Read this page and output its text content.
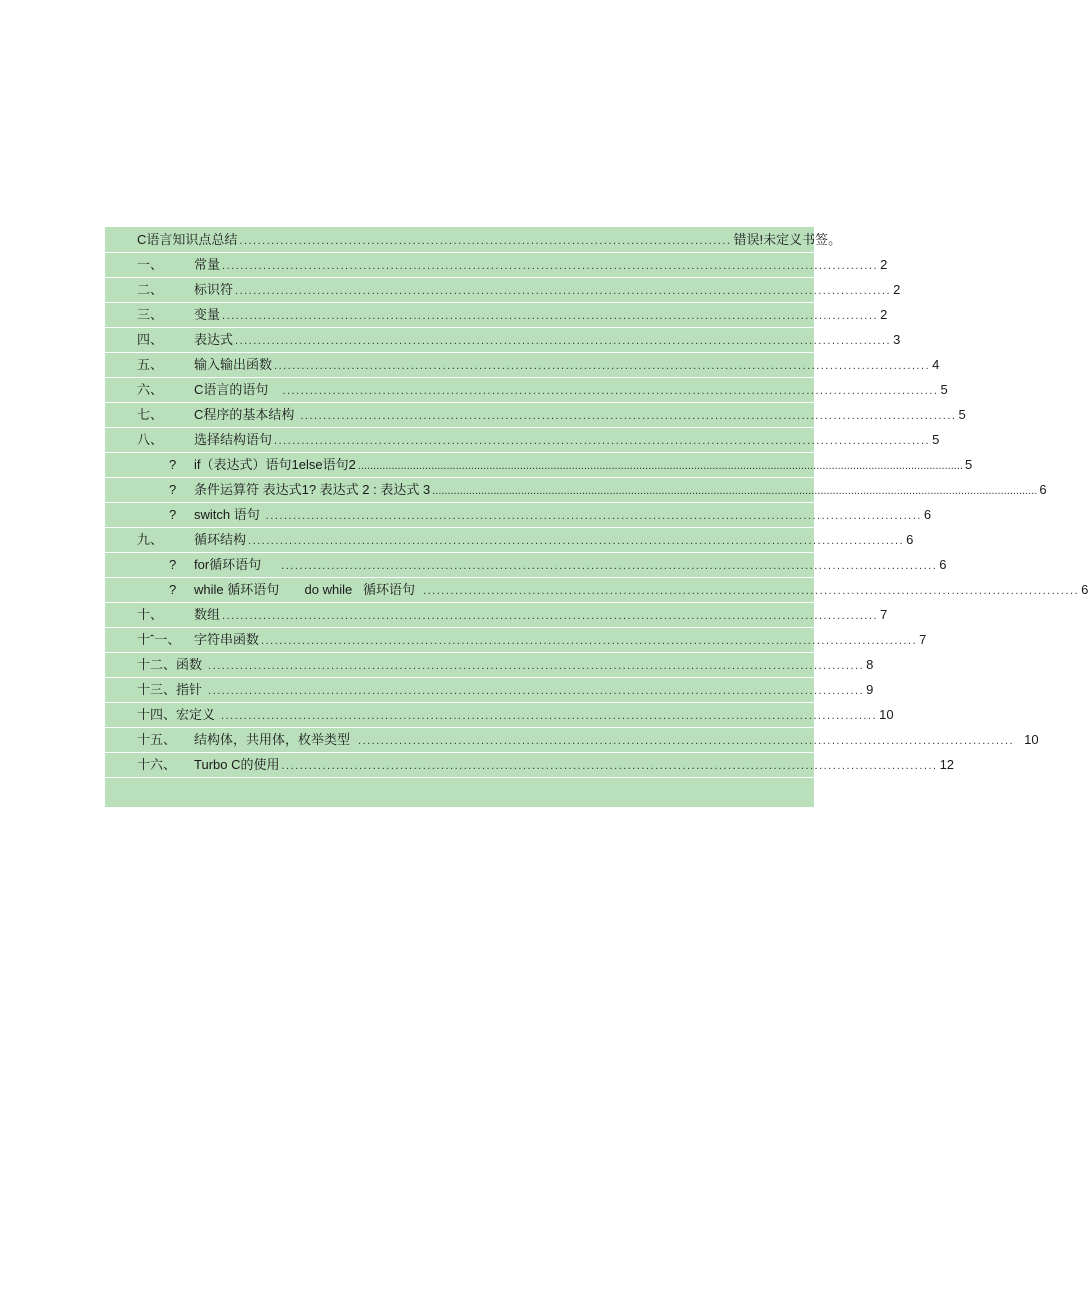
C语言知识点总结 ............................................................................................................ 错误!未定义书签。
一、 常量 ................................................................................................................................................ 2
二、 标识符 ................................................................................................................................................ 2
三、 变量 ................................................................................................................................................ 2
四、 表达式 ................................................................................................................................................ 3
五、 输入输出函数 ................................................................................................................................................ 4
六、 C语言的语句 ................................................................................................................................................ 5
七、 C程序的基本结构 ................................................................................................................................................ 5
八、 选择结构语句 ................................................................................................................................................ 5
? if（表达式）语句1else语句2 ...................................................................................................................................................................................................... 5
? 条件运算符 表达式1? 表达式 2 : 表达式 3 ...................................................................................................................................................................................................... 6
? switch 语句 ................................................................................................................................................ 6
九、 循环结构 ................................................................................................................................................ 6
? for循环语句 ................................................................................................................................................ 6
? while 循环语句       do while   循环语句 ................................................................................................................................................ 6
十、 数组 ................................................................................................................................................ 7
十ˆ一、 字符串函数 ................................................................................................................................................ 7
十二、函数 ................................................................................................................................................ 8
十三、指针 ................................................................................................................................................ 9
十四、宏定义 ................................................................................................................................................ 10
十五、 结构体，共用体，枚举类型 ................................................................................................................................................ 10
十六、 Turbo C的使用 ................................................................................................................................................ 12
